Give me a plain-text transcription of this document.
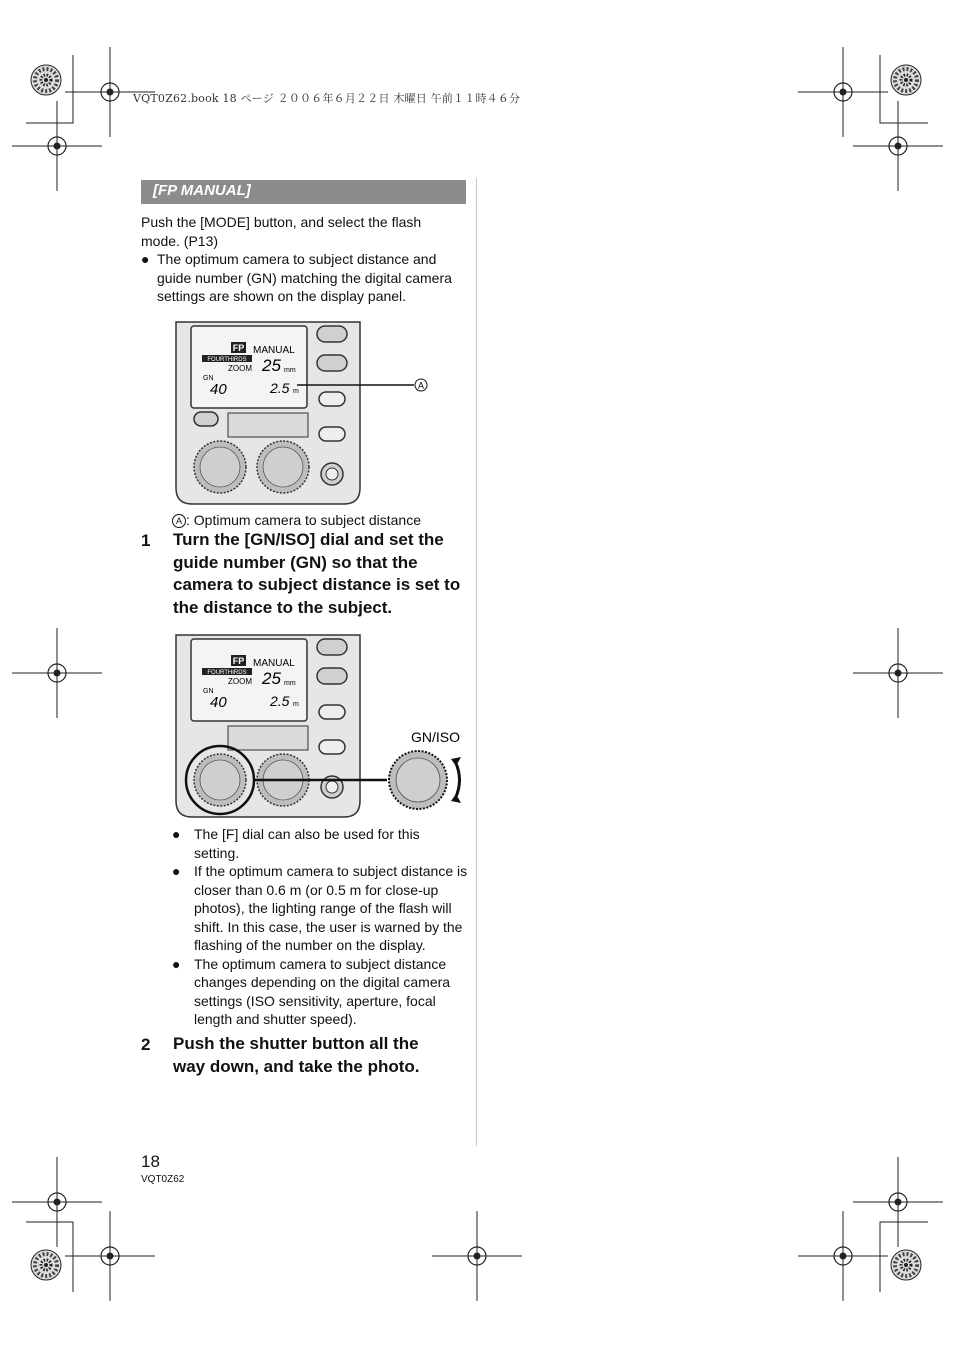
VQT0Z62.book 18 ページ ２００６年６月２２日 木曜日 午前１１時４６分
[FP MANUAL]
Push the [MODE] button, and select the flash mode. (P13)
● The optimum camera to subject distance and guide number (GN) matching the digital camera settings are shown on the display panel.
FP MANUAL
FOURTHIRDS
ZOOM 25 mm
GN
40	2.5 m
A
A : Optimum camera to subject distance
1 Turn the [GN/ISO] dial and set the guide number (GN) so that the camera to subject distance is set to the distance to the subject.
FP MANUAL
FOURTHIRDS
ZOOM 25 mm
GN
40	2.5 m
GN/ISO
● The [F] dial can also be used for this setting.
● If the optimum camera to subject distance is closer than 0.6 m (or 0.5 m for close-up photos), the lighting range of the flash will shift. In this case, the user is warned by the flashing of the number on the display.
● The optimum camera to subject distance changes depending on the digital camera settings (ISO sensitivity, aperture, focal length and shutter speed).
2 Push the shutter button all the way down, and take the photo.
18
VQT0Z62
